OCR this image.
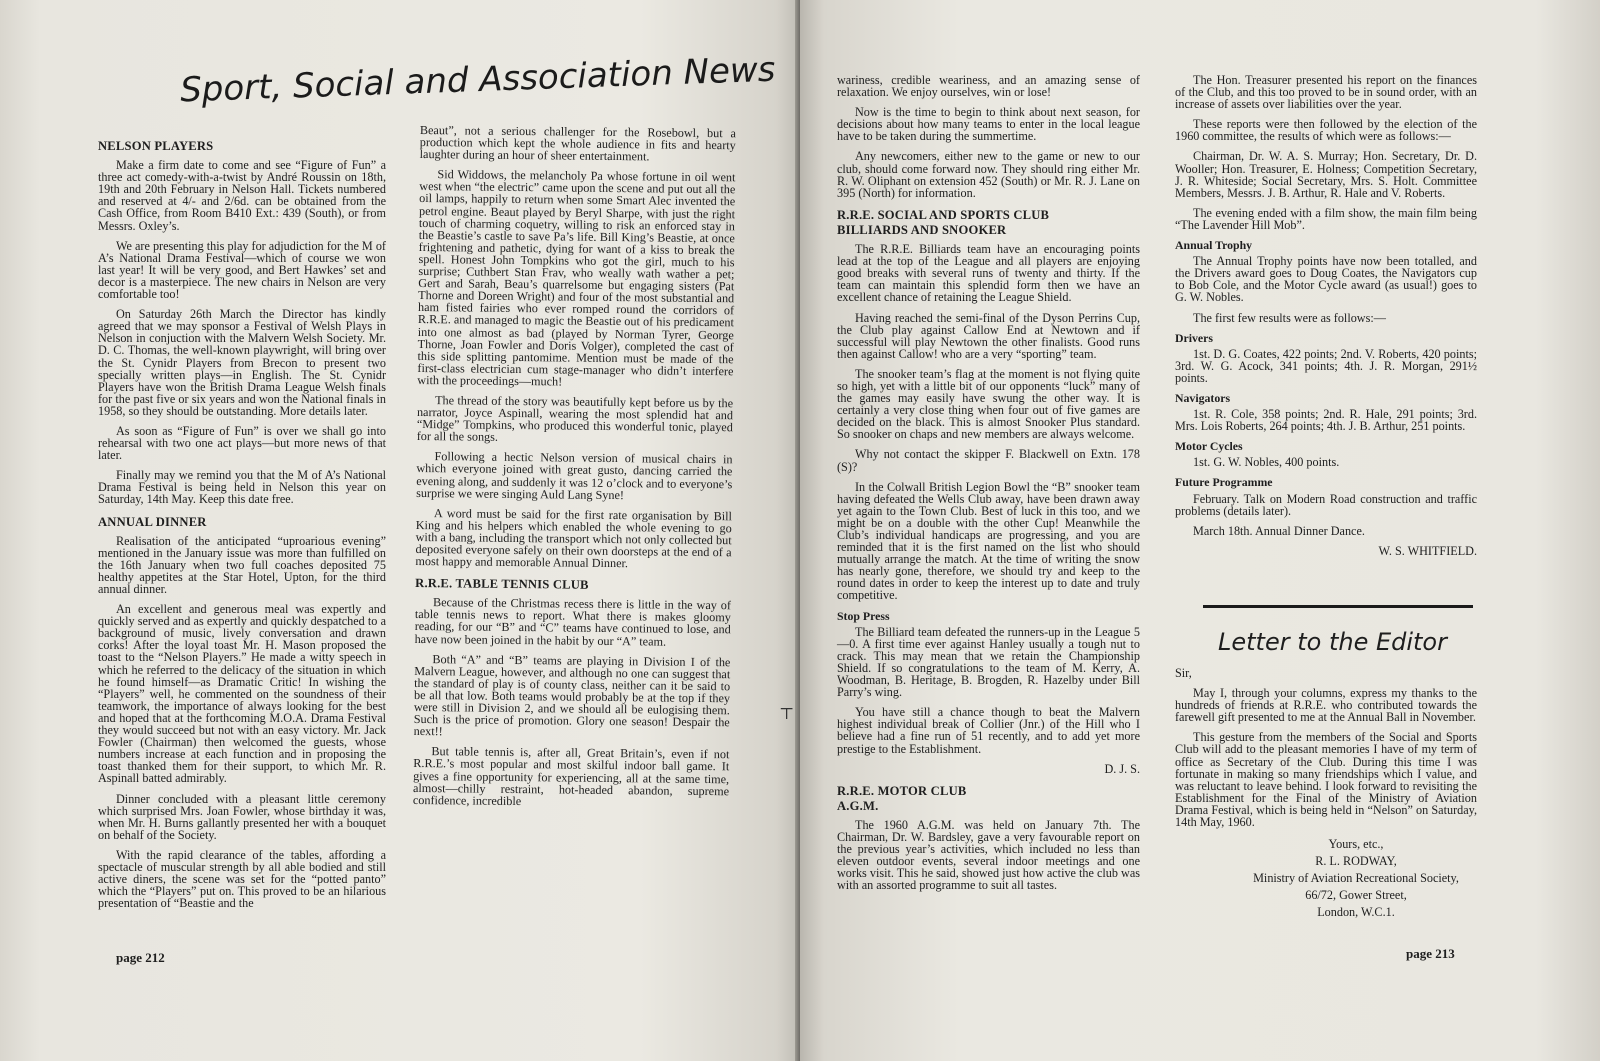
Sport, Social and Association News
NELSON PLAYERS

Make a firm date to come and see “Figure of Fun” a three act comedy-with-a-twist by André Roussin on 18th, 19th and 20th February in Nelson Hall. Tickets numbered and reserved at 4/- and 2/6d. can be obtained from the Cash Office, from Room B410 Ext.: 439 (South), or from Messrs. Oxley’s.

We are presenting this play for adjudiction for the M of A’s National Drama Festival—which of course we won last year! It will be very good, and Bert Hawkes’ set and decor is a masterpiece. The new chairs in Nelson are very comfortable too!

On Saturday 26th March the Director has kindly agreed that we may sponsor a Festival of Welsh Plays in Nelson in conjuction with the Malvern Welsh Society. Mr. D. C. Thomas, the well-known playwright, will bring over the St. Cynidr Players from Brecon to present two specially written plays—in English. The St. Cynidr Players have won the British Drama League Welsh finals for the past five or six years and won the National finals in 1958, so they should be outstanding. More details later.

As soon as “Figure of Fun” is over we shall go into rehearsal with two one act plays—but more news of that later.

Finally may we remind you that the M of A’s National Drama Festival is being held in Nelson this year on Saturday, 14th May. Keep this date free.

ANNUAL DINNER

Realisation of the anticipated “uproarious evening” mentioned in the January issue was more than fulfilled on the 16th January when two full coaches deposited 75 healthy appetites at the Star Hotel, Upton, for the third annual dinner.

An excellent and generous meal was expertly and quickly served and as expertly and quickly despatched to a background of music, lively conversation and drawn corks! After the loyal toast Mr. H. Mason proposed the toast to the “Nelson Players.” He made a witty speech in which he referred to the delicacy of the situation in which he found himself—as Dramatic Critic! In wishing the “Players” well, he commented on the soundness of their teamwork, the importance of always looking for the best and hoped that at the forthcoming M.O.A. Drama Festival they would succeed but not with an easy victory. Mr. Jack Fowler (Chairman) then welcomed the guests, whose numbers increase at each function and in proposing the toast thanked them for their support, to which Mr. R. Aspinall batted admirably.

Dinner concluded with a pleasant little ceremony which surprised Mrs. Joan Fowler, whose birthday it was, when Mr. H. Burns gallantly presented her with a bouquet on behalf of the Society.

With the rapid clearance of the tables, affording a spectacle of muscular strength by all able bodied and still active diners, the scene was set for the “potted panto” which the “Players” put on. This proved to be an hilarious presentation of “Beastie and the

Beaut”, not a serious challenger for the Rosebowl, but a production which kept the whole audience in fits and hearty laughter during an hour of sheer entertainment.

Sid Widdows, the melancholy Pa whose fortune in oil went west when “the electric” came upon the scene and put out all the oil lamps, happily to return when some Smart Alec invented the petrol engine. Beaut played by Beryl Sharpe, with just the right touch of charming coquetry, willing to risk an enforced stay in the Beastie’s castle to save Pa’s life. Bill King’s Beastie, at once frightening and pathetic, dying for want of a kiss to break the spell. Honest John Tompkins who got the girl, much to his surprise; Cuthbert Stan Frav, who weally wath wather a pet; Gert and Sarah, Beau’s quarrelsome but engaging sisters (Pat Thorne and Doreen Wright) and four of the most substantial and ham fisted fairies who ever romped round the corridors of R.R.E. and managed to magic the Beastie out of his predicament into one almost as bad (played by Norman Tyrer, George Thorne, Joan Fowler and Doris Volger), completed the cast of this side splitting pantomime. Mention must be made of the first-class electrician cum stage-manager who didn’t interfere with the proceedings—much!

The thread of the story was beautifully kept before us by the narrator, Joyce Aspinall, wearing the most splendid hat and “Midge” Tompkins, who produced this wonderful tonic, played for all the songs.

Following a hectic Nelson version of musical chairs in which everyone joined with great gusto, dancing carried the evening along, and suddenly it was 12 o’clock and to everyone’s surprise we were singing Auld Lang Syne!

A word must be said for the first rate organisation by Bill King and his helpers which enabled the whole evening to go with a bang, including the transport which not only collected but deposited everyone safely on their own doorsteps at the end of a most happy and memorable Annual Dinner.

R.R.E. TABLE TENNIS CLUB

Because of the Christmas recess there is little in the way of table tennis news to report. What there is makes gloomy reading, for our “B” and “C” teams have continued to lose, and have now been joined in the habit by our “A” team.

Both “A” and “B” teams are playing in Division I of the Malvern League, however, and although no one can suggest that the standard of play is of county class, neither can it be said to be all that low. Both teams would probably be at the top if they were still in Division 2, and we should all be eulogising them. Such is the price of promotion. Glory one season! Despair the next!!

But table tennis is, after all, Great Britain’s, even if not R.R.E.’s most popular and most skilful indoor ball game. It gives a fine opportunity for experiencing, all at the same time, almost—chilly restraint, hot-headed abandon, supreme confidence, incredible

page 212
⊤

wariness, credible weariness, and an amazing sense of relaxation. We enjoy ourselves, win or lose!

Now is the time to begin to think about next season, for decisions about how many teams to enter in the local league have to be taken during the summertime.

Any newcomers, either new to the game or new to our club, should come forward now. They should ring either Mr. R. W. Oliphant on extension 452 (South) or Mr. R. J. Lane on 395 (North) for information.

R.R.E. SOCIAL AND SPORTS CLUB
BILLIARDS AND SNOOKER

The R.R.E. Billiards team have an encouraging points lead at the top of the League and all players are enjoying good breaks with several runs of twenty and thirty. If the team can maintain this splendid form then we have an excellent chance of retaining the League Shield.

Having reached the semi-final of the Dyson Perrins Cup, the Club play against Callow End at Newtown and if successful will play Newtown the other finalists. Good runs then against Callow! who are a very “sporting” team.

The snooker team’s flag at the moment is not flying quite so high, yet with a little bit of our opponents “luck” many of the games may easily have swung the other way. It is certainly a very close thing when four out of five games are decided on the black. This is almost Snooker Plus standard. So snooker on chaps and new members are always welcome.

Why not contact the skipper F. Blackwell on Extn. 178 (S)?

In the Colwall British Legion Bowl the “B” snooker team having defeated the Wells Club away, have been drawn away yet again to the Town Club. Best of luck in this too, and we might be on a double with the other Cup! Meanwhile the Club’s individual handicaps are progressing, and you are reminded that it is the first named on the list who should mutually arrange the match. At the time of writing the snow has nearly gone, therefore, we should try and keep to the round dates in order to keep the interest up to date and truly competitive.

Stop Press

The Billiard team defeated the runners-up in the League 5—0. A first time ever against Hanley usually a tough nut to crack. This may mean that we retain the Championship Shield. If so congratulations to the team of M. Kerry, A. Woodman, B. Heritage, B. Brogden, R. Hazelby under Bill Parry’s wing.

You have still a chance though to beat the Malvern highest individual break of Collier (Jnr.) of the Hill who I believe had a fine run of 51 recently, and to add yet more prestige to the Establishment.

D. J. S.

R.R.E. MOTOR CLUB
A.G.M.

The 1960 A.G.M. was held on January 7th. The Chairman, Dr. W. Bardsley, gave a very favourable report on the previous year’s activities, which included no less than eleven outdoor events, several indoor meetings and one works visit. This he said, showed just how active the club was with an assorted programme to suit all tastes.

The Hon. Treasurer presented his report on the finances of the Club, and this too proved to be in sound order, with an increase of assets over liabilities over the year.

These reports were then followed by the election of the 1960 committee, the results of which were as follows:—

Chairman, Dr. W. A. S. Murray; Hon. Secretary, Dr. D. Wooller; Hon. Treasurer, E. Holness; Competition Secretary, J. R. Whiteside; Social Secretary, Mrs. S. Holt. Committee Members, Messrs. J. B. Arthur, R. Hale and V. Roberts.

The evening ended with a film show, the main film being “The Lavender Hill Mob”.

Annual Trophy

The Annual Trophy points have now been totalled, and the Drivers award goes to Doug Coates, the Navigators cup to Bob Cole, and the Motor Cycle award (as usual!) goes to G. W. Nobles.

The first few results were as follows:—

Drivers

1st. D. G. Coates, 422 points; 2nd. V. Roberts, 420 points; 3rd. W. G. Acock, 341 points; 4th. J. R. Morgan, 291½ points.

Navigators

1st. R. Cole, 358 points; 2nd. R. Hale, 291 points; 3rd. Mrs. Lois Roberts, 264 points; 4th. J. B. Arthur, 251 points.

Motor Cycles

1st. G. W. Nobles, 400 points.

Future Programme

February. Talk on Modern Road construction and traffic problems (details later).

March 18th. Annual Dinner Dance.

W. S. WHITFIELD.

page 213
Letter to the Editor

Sir,

May I, through your columns, express my thanks to the hundreds of friends at R.R.E. who contributed towards the farewell gift presented to me at the Annual Ball in November.

This gesture from the members of the Social and Sports Club will add to the pleasant memories I have of my term of office as Secretary of the Club. During this time I was fortunate in making so many friendships which I value, and was reluctant to leave behind. I look forward to revisiting the Establishment for the Final of the Ministry of Aviation Drama Festival, which is being held in “Nelson” on Saturday, 14th May, 1960.

Yours, etc.,
R. L. RODWAY,
Ministry of Aviation Recreational Society,
66/72, Gower Street,
London, W.C.1.
